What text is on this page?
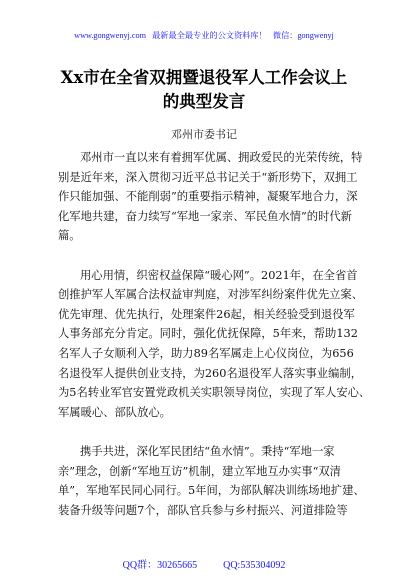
www.gongwenyj.com 最新最全最专业的公文资料库！ 微信：gongwenyj
Xx市在全省双拥暨退役军人工作会议上
的典型发言
邓州市委书记

邓州市一直以来有着拥军优属、拥政爱民的光荣传统，特
别是近年来，深入贯彻习近平总书记关于“新形势下，双拥工
作只能加强、不能削弱”的重要指示精神，凝聚军地合力，深
化军地共建，奋力续写“军地一家亲、军民鱼水情”的时代新
篇。

用心用情，织密权益保障“暖心网”。2021年，在全省首
创推护军人军属合法权益审判庭，对涉军纠纷案件优先立案、
优先审理、优先执行，处理案件26起，相关经验受到退役军
人事务部充分肯定。同时，强化优抚保障，5年来，帮助132
名军人子女顺利入学，助力89名军属走上心仪岗位，为656
名退役军人提供创业支持，为260名退役军人落实事业编制，
为5名转业军官安置党政机关实职领导岗位，实现了军人安心、
军属暖心、部队放心。

携手共进，深化军民团结“鱼水情”。秉持“军地一家
亲”理念，创新“军地互访”机制，建立军地互办实事“双清
单”，军地军民同心同行。5年间，为部队解决训练场地扩建、
装备升级等问题7个，部队官兵参与乡村振兴、河道排险等

QQ群：30265665	QQ:535304092
